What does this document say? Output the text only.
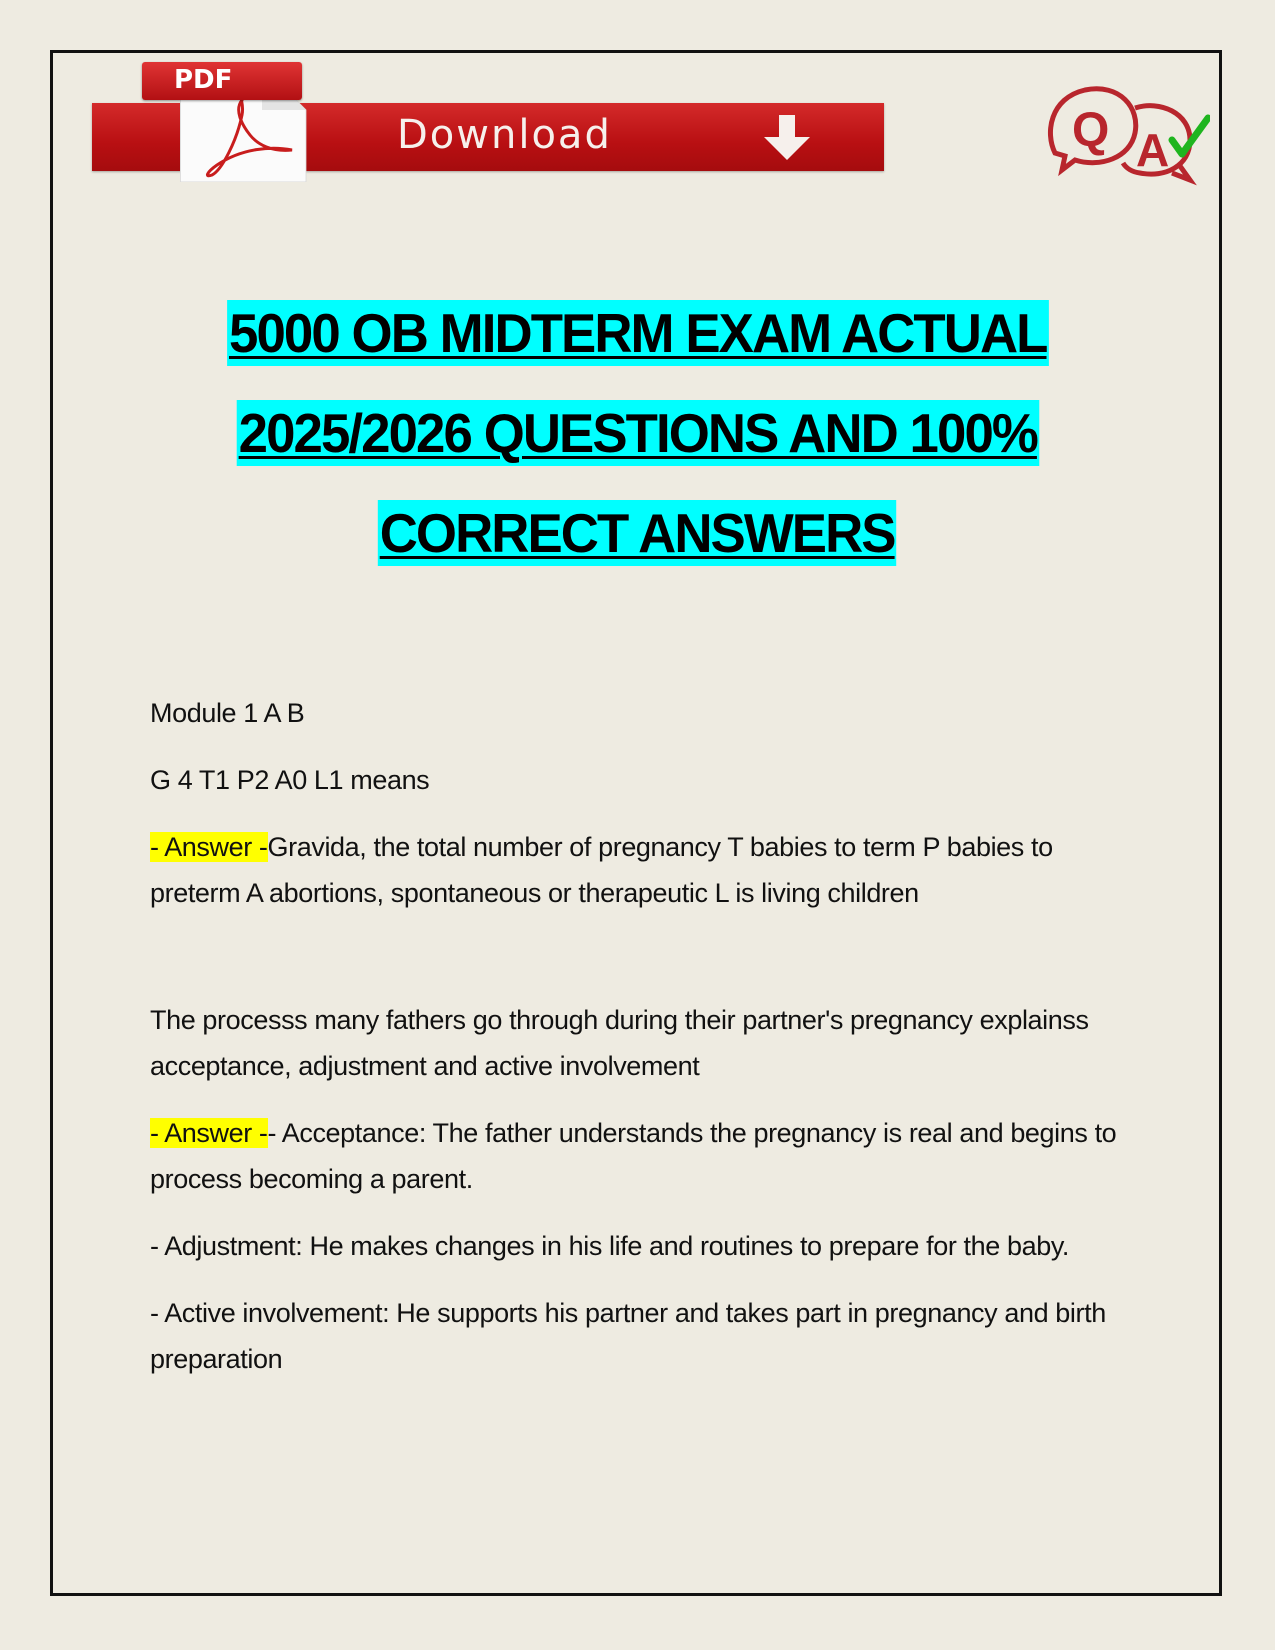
Download
PDF
Q A
5000 OB MIDTERM EXAM ACTUAL
2025/2026 QUESTIONS AND 100%
CORRECT ANSWERS

Module 1 A B

G 4 T1 P2 A0 L1 means

- Answer -Gravida, the total number of pregnancy T babies to term P babies to preterm A abortions, spontaneous or therapeutic L is living children

The processs many fathers go through during their partner's pregnancy explainss acceptance, adjustment and active involvement

- Answer -- Acceptance: The father understands the pregnancy is real and begins to process becoming a parent.

- Adjustment: He makes changes in his life and routines to prepare for the baby.

- Active involvement: He supports his partner and takes part in pregnancy and birth preparation
